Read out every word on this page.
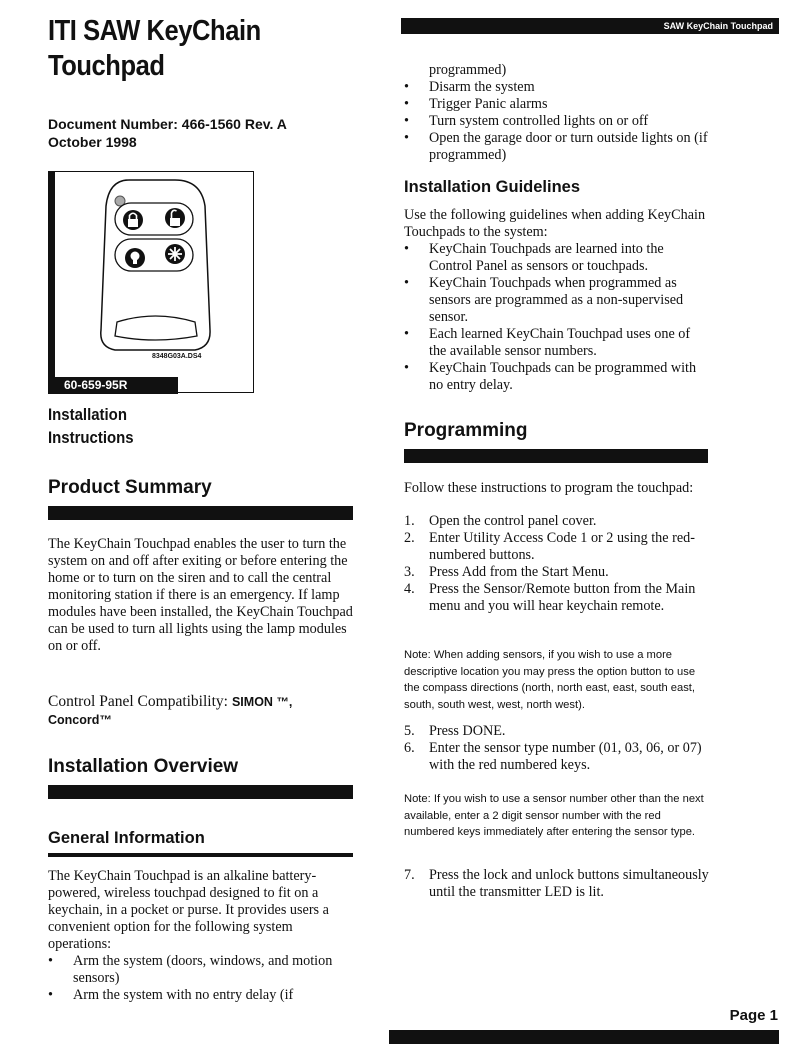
ITI SAW KeyChain
Touchpad
SAW KeyChain Touchpad
Document Number: 466-1560 Rev. A
October 1998
8348G03A.DS4
60-659-95R
Installation
Instructions
Product Summary
The KeyChain Touchpad enables the user to turn the system on and off after exiting or before entering the home or to turn on the siren and to call the central monitoring station if there is an emergency. If lamp modules have been installed, the KeyChain Touchpad can be used to turn all lights using the lamp modules on or off.
Control Panel Compatibility: SIMON ™, Concord™
Installation Overview
General Information
The KeyChain Touchpad is an alkaline battery-powered, wireless touchpad designed to fit on a keychain, in a pocket or purse. It provides users a convenient option for the following system operations:
• Arm the system (doors, windows, and motion sensors)
• Arm the system with no entry delay (if
programmed)
• Disarm the system
• Trigger Panic alarms
• Turn system controlled lights on or off
• Open the garage door or turn outside lights on (if programmed)
Installation Guidelines
Use the following guidelines when adding KeyChain Touchpads to the system:
• KeyChain Touchpads are learned into the Control Panel as sensors or touchpads.
• KeyChain Touchpads when programmed as sensors are programmed as a non-supervised sensor.
• Each learned KeyChain Touchpad uses one of the available sensor numbers.
• KeyChain Touchpads can be programmed with no entry delay.
Programming
Follow these instructions to program the touchpad:
1. Open the control panel cover.
2. Enter Utility Access Code 1 or 2 using the red-numbered buttons.
3. Press Add from the Start Menu.
4. Press the Sensor/Remote button from the Main menu and you will hear keychain remote.
Note: When adding sensors, if you wish to use a more descriptive location you may press the option button to use the compass directions (north, north east, east, south east, south, south west, west, north west).
5. Press DONE.
6. Enter the sensor type number (01, 03, 06, or 07) with the red numbered keys.
Note: If you wish to use a sensor number other than the next available, enter a 2 digit sensor number with the red numbered keys immediately after entering the sensor type.
7. Press the lock and unlock buttons simultaneously until the transmitter LED is lit.
Page 1
